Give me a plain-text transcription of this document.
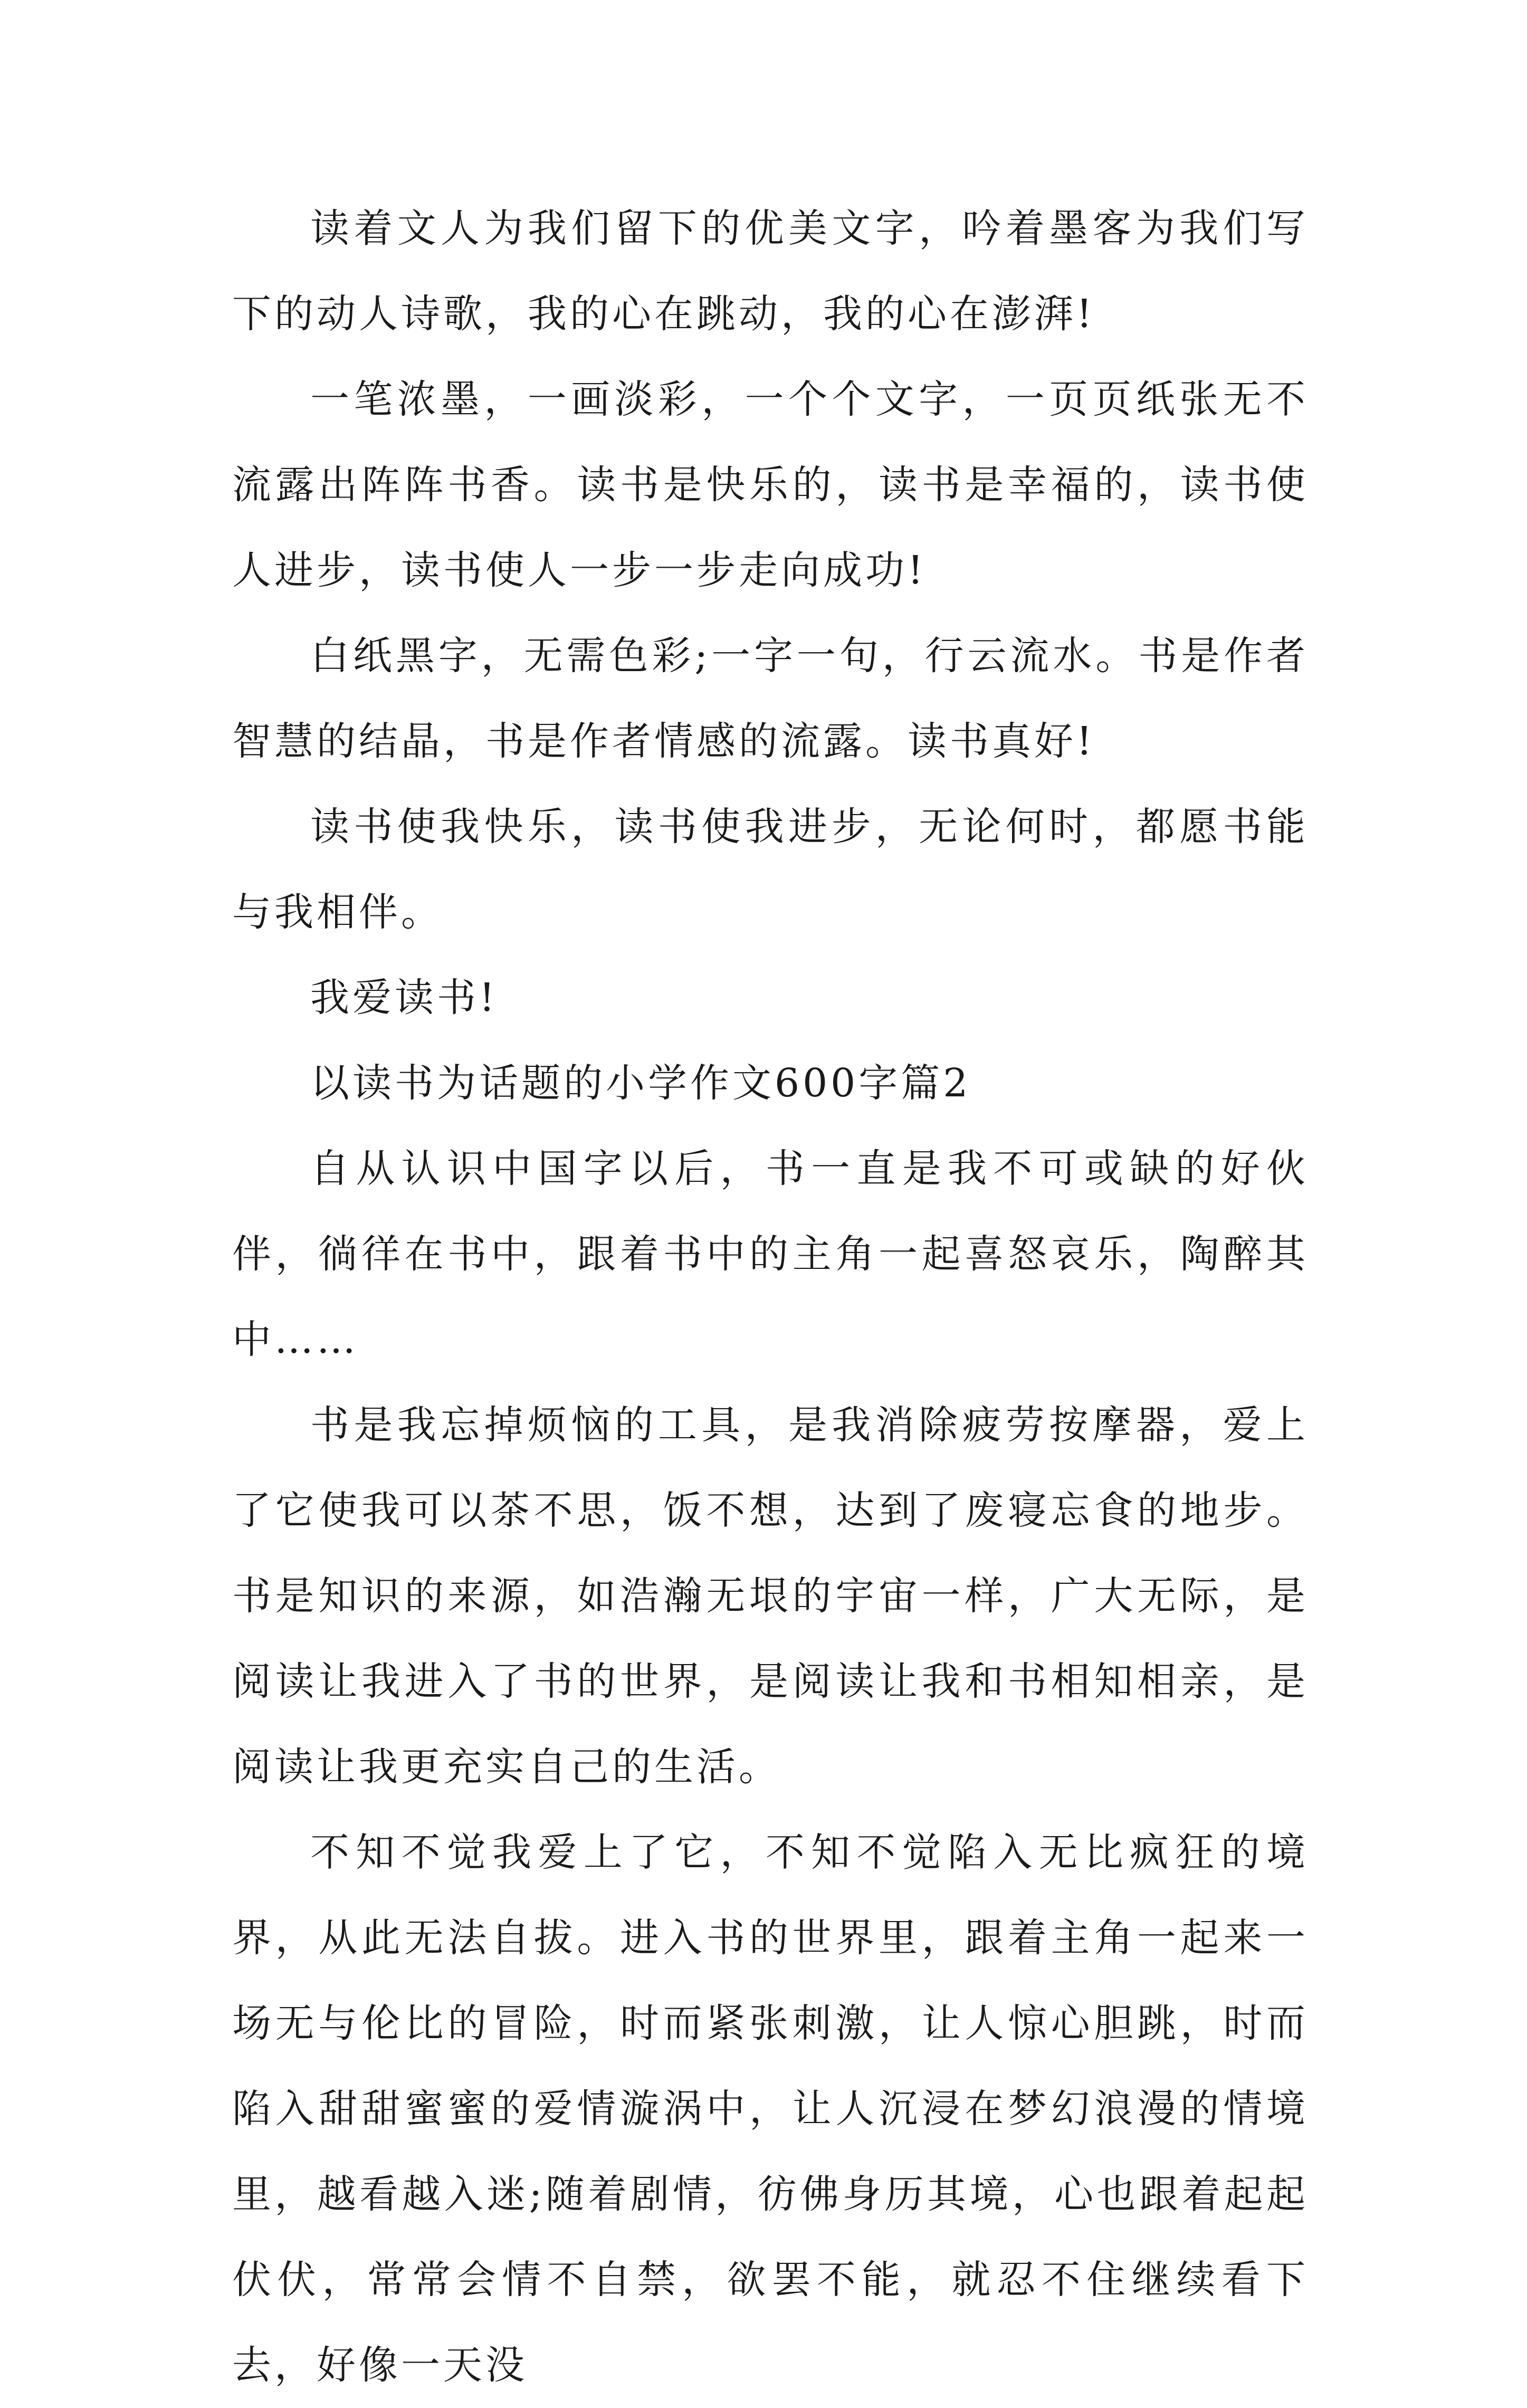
读着文人为我们留下的优美文字，吟着墨客为我们写下的动人诗歌，我的心在跳动，我的心在澎湃!

一笔浓墨，一画淡彩，一个个文字，一页页纸张无不流露出阵阵书香。读书是快乐的，读书是幸福的，读书使人进步，读书使人一步一步走向成功!

白纸黑字，无需色彩;一字一句，行云流水。书是作者智慧的结晶，书是作者情感的流露。读书真好!

读书使我快乐，读书使我进步，无论何时，都愿书能与我相伴。

我爱读书!

以读书为话题的小学作文600字篇2

自从认识中国字以后，书一直是我不可或缺的好伙伴，徜徉在书中，跟着书中的主角一起喜怒哀乐，陶醉其中……

书是我忘掉烦恼的工具，是我消除疲劳按摩器，爱上了它使我可以茶不思，饭不想，达到了废寝忘食的地步。书是知识的来源，如浩瀚无垠的宇宙一样，广大无际，是阅读让我进入了书的世界，是阅读让我和书相知相亲，是阅读让我更充实自己的生活。

不知不觉我爱上了它，不知不觉陷入无比疯狂的境界，从此无法自拔。进入书的世界里，跟着主角一起来一场无与伦比的冒险，时而紧张刺激，让人惊心胆跳，时而陷入甜甜蜜蜜的爱情漩涡中，让人沉浸在梦幻浪漫的情境里，越看越入迷;随着剧情，彷佛身历其境，心也跟着起起伏伏，常常会情不自禁，欲罢不能，就忍不住继续看下去，好像一天没
